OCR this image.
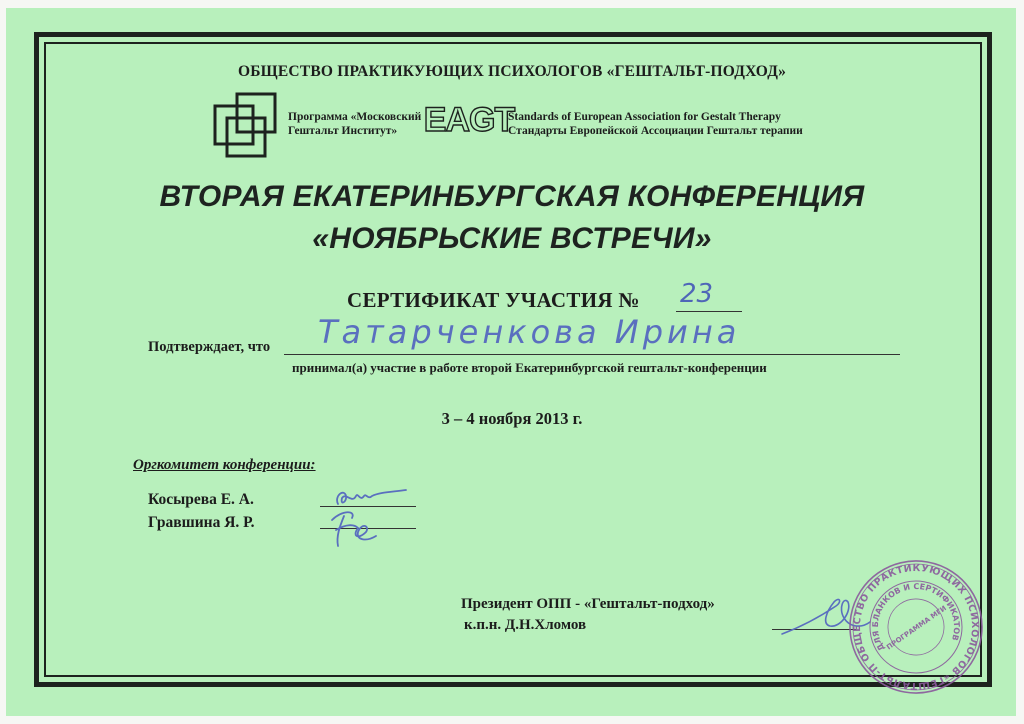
ОБЩЕСТВО ПРАКТИКУЮЩИХ ПСИХОЛОГОВ «ГЕШТАЛЬТ-ПОДХОД»
Программа «Московский
Гештальт Институт» EAGT
Standards of European Association for Gestalt Therapy
Стандарты Европейской Ассоциации Гештальт терапии
ВТОРАЯ ЕКАТЕРИНБУРГСКАЯ КОНФЕРЕНЦИЯ
«НОЯБРЬСКИЕ ВСТРЕЧИ»
СЕРТИФИКАТ УЧАСТИЯ № 23
Подтверждает, что Татарченкова Ирина
принимал(а) участие в работе второй Екатеринбургской гештальт-конференции
3 – 4 ноября 2013 г.
Оргкомитет конференции:
Косырева Е. А.
Гравшина Я. Р.
Президент ОПП - «Гештальт-подход»
к.п.н. Д.Н.Хломов
ОБЩЕСТВО ПРАКТИКУЮЩИХ ПСИХОЛОГОВ «ГЕШТАЛЬТ-ПОДХОД»
ДЛЯ БЛАНКОВ И СЕРТИФИКАТОВ
ПРОГРАММА МГИ
